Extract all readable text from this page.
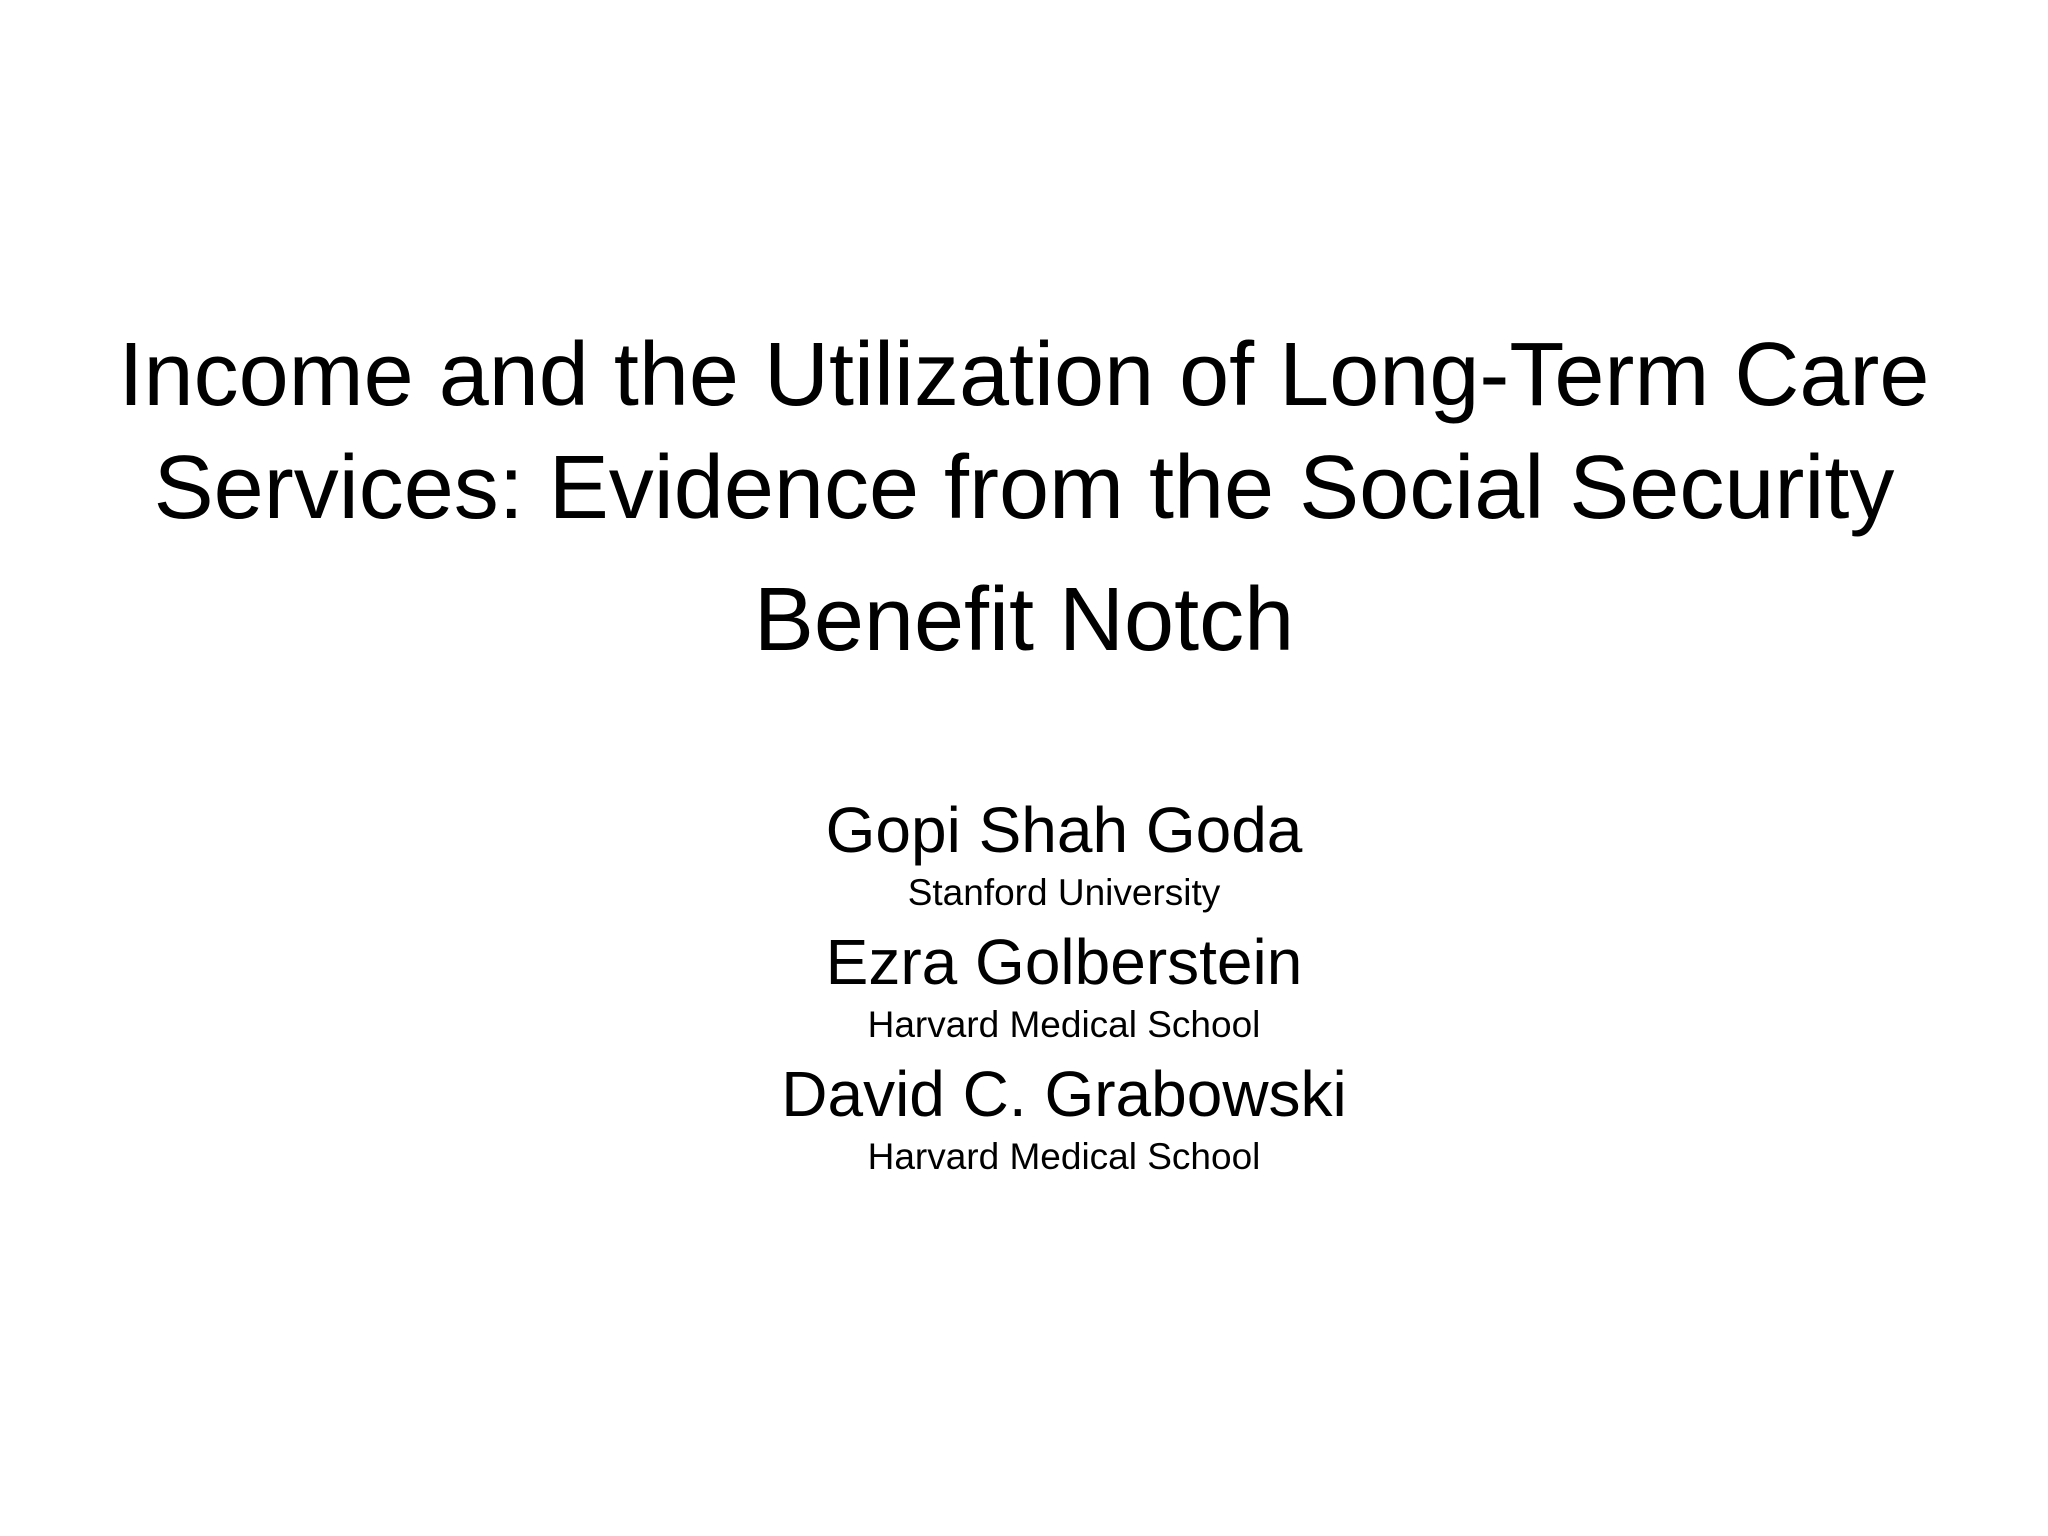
Income and the Utilization of Long-Term Care
Services: Evidence from the Social Security
Benefit Notch
Gopi Shah Goda
Stanford University
Ezra Golberstein
Harvard Medical School
David C. Grabowski
Harvard Medical School
